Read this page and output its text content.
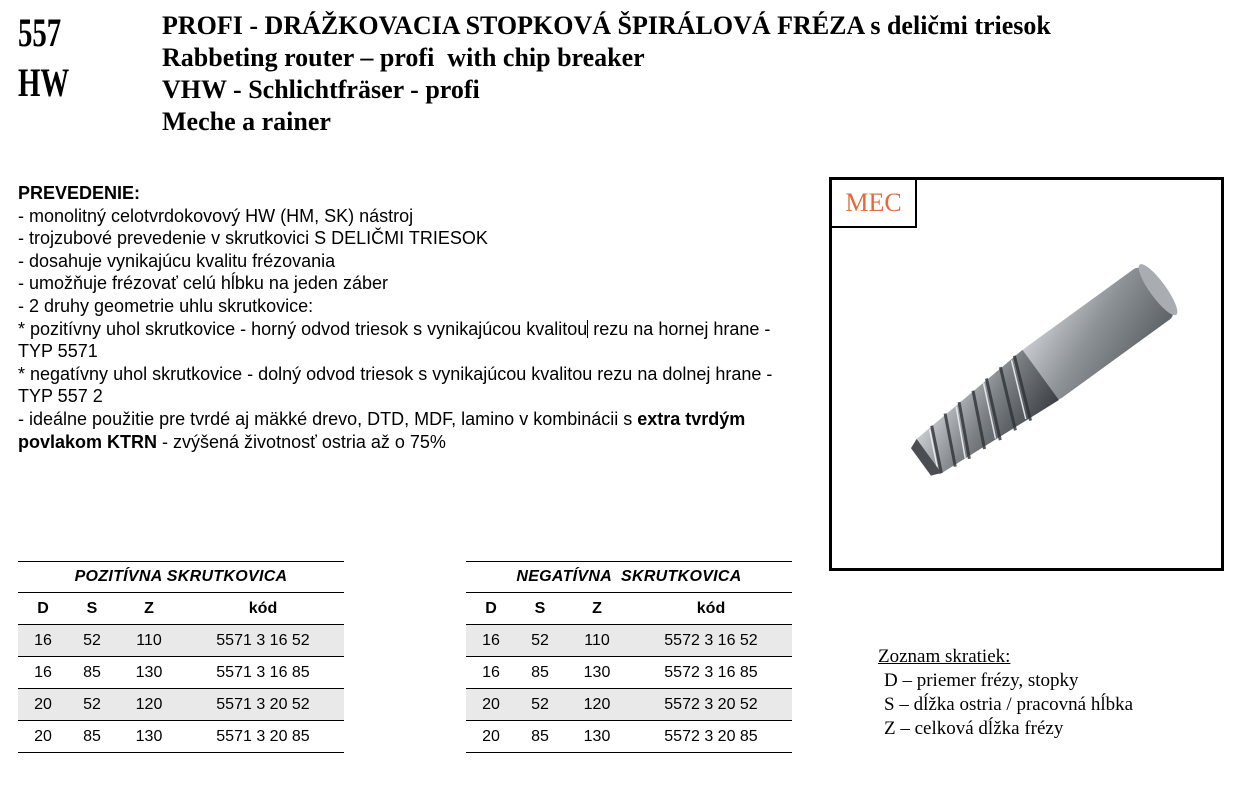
557
HW
PROFI - DRÁŽKOVACIA STOPKOVÁ ŠPIRÁLOVÁ FRÉZA s deličmi triesok
Rabbeting router – profi  with chip breaker
VHW - Schlichtfräser - profi
Meche a rainer
PREVEDENIE:
- monolitný celotvrdokovový HW (HM, SK) nástroj
- trojzubové prevedenie v skrutkovici S DELIČMI TRIESOK
- dosahuje vynikajúcu kvalitu frézovania
- umožňuje frézovať celú hĺbku na jeden záber
- 2 druhy geometrie uhlu skrutkovice:
* pozitívny uhol skrutkovice - horný odvod triesok s vynikajúcou kvalitou rezu na hornej hrane - TYP 5571
* negatívny uhol skrutkovice - dolný odvod triesok s vynikajúcou kvalitou rezu na dolnej hrane - TYP 557 2
- ideálne použitie pre tvrdé aj mäkké drevo, DTD, MDF, lamino v kombinácii s extra tvrdým povlakom KTRN - zvýšená životnosť ostria až o 75%
MEC
POZITÍVNA SKRUTKOVICA			
D	S	Z	kód
16	52	110	5571 3 16 52
16	85	130	5571 3 16 85
20	52	120	5571 3 20 52
20	85	130	5571 3 20 85
NEGATÍVNA  SKRUTKOVICA			
D	S	Z	kód
16	52	110	5572 3 16 52
16	85	130	5572 3 16 85
20	52	120	5572 3 20 52
20	85	130	5572 3 20 85
Zoznam skratiek:
D – priemer frézy, stopky
S – dĺžka ostria / pracovná hĺbka
Z – celková dĺžka frézy
